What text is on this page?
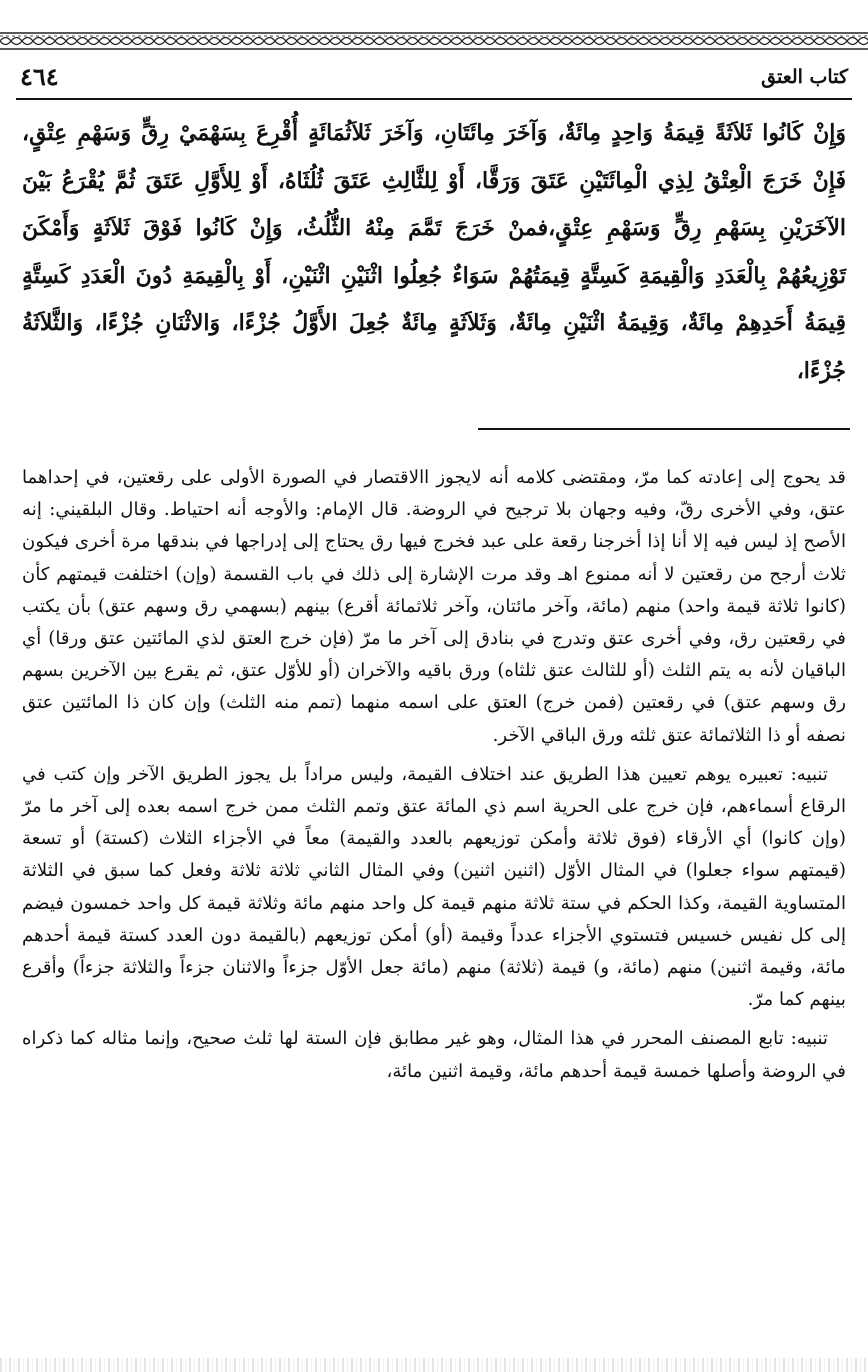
كتاب العتق
٤٦٤

وَإِنْ كَانُوا ثَلاَثَةً قِيمَةُ وَاحِدٍ مِائَةٌ، وَآخَرَ مِائَتَانِ، وَآخَرَ ثَلاَثُمَائَةٍ أُقْرِعَ بِسَهْمَيْ رِقٍّ وَسَهْمِ عِتْقٍ، فَإِنْ خَرَجَ الْعِتْقُ لِذِي الْمِائَتَيْنِ عَتَقَ وَرَقَّا، أَوْ لِلثَّالِثِ عَتَقَ ثُلُثَاهُ، أَوْ لِلأَوَّلِ عَتَقَ ثُمَّ يُقْرَعُ بَيْنَ الآخَرَيْنِ بِسَهْمِ رِقٍّ وَسَهْمِ عِتْقٍ،فمنْ خَرَجَ تَمَّمَ مِنْهُ الثُّلُثُ، وَإِنْ كَانُوا فَوْقَ ثَلاَثَةٍ وَأَمْكَنَ تَوْزِيعُهُمْ بِالْعَدَدِ وَالْقِيمَةِ كَسِتَّةٍ قِيمَتُهُمْ سَوَاءٌ جُعِلُوا اثْنَيْنِ اثْنَيْنِ، أَوْ بِالْقِيمَةِ دُونَ الْعَدَدِ كَسِتَّةٍ قِيمَةُ أَحَدِهِمْ مِائَةٌ، وَقِيمَةُ اثْنَيْنِ مِائَةٌ، وَثَلاَثَةٍ مِائَةٌ جُعِلَ الأَوَّلُ جُزْءًا، وَالاثْنَانِ جُزْءًا، وَالثَّلاَثَةُ جُزْءًا،

قد يحوج إلى إعادته كما مرّ، ومقتضى كلامه أنه لايجوز االاقتصار في الصورة الأولى على رقعتين، في إحداهما عتق، وفي الأخرى رقّ، وفيه وجهان بلا ترجيح في الروضة. قال الإمام: والأوجه أنه احتياط. وقال البلقيني: إنه الأصح إذ ليس فيه إلا أنا إذا أخرجنا رقعة على عبد فخرج فيها رق يحتاج إلى إدراجها في بندقها مرة أخرى فيكون ثلاث أرجح من رقعتين لا أنه ممنوع اهـ وقد مرت الإشارة إلى ذلك في باب القسمة (وإن) اختلفت قيمتهم كأن (كانوا ثلاثة قيمة واحد) منهم (مائة، وآخر مائتان، وآخر ثلاثمائة أقرع) بينهم (بسهمي رق وسهم عتق) بأن يكتب في رقعتين رق، وفي أخرى عتق وتدرج في بنادق إلى آخر ما مرّ (فإن خرج العتق لذي المائتين عتق ورقا) أي الباقيان لأنه به يتم الثلث (أو للثالث عتق ثلثاه) ورق باقيه والآخران (أو للأوّل عتق، ثم يقرع بين الآخرين بسهم رق وسهم عتق) في رقعتين (فمن خرج) العتق على اسمه منهما (تمم منه الثلث) وإن كان ذا المائتين عتق نصفه أو ذا الثلاثمائة عتق ثلثه ورق الباقي الآخر.

تنبيه: تعبيره يوهم تعيين هذا الطريق عند اختلاف القيمة، وليس مراداً بل يجوز الطريق الآخر وإن كتب في الرقاع أسماءهم، فإن خرج على الحرية اسم ذي المائة عتق وتمم الثلث ممن خرج اسمه بعده إلى آخر ما مرّ (وإن كانوا) أي الأرقاء (فوق ثلاثة وأمكن توزيعهم بالعدد والقيمة) معاً في الأجزاء الثلاث (كستة) أو تسعة (قيمتهم سواء جعلوا) في المثال الأوّل (اثنين اثنين) وفي المثال الثاني ثلاثة ثلاثة وفعل كما سبق في الثلاثة المتساوية القيمة، وكذا الحكم في ستة ثلاثة منهم قيمة كل واحد منهم مائة وثلاثة قيمة كل واحد خمسون فيضم إلى كل نفيس خسيس فتستوي الأجزاء عدداً وقيمة (أو) أمكن توزيعهم (بالقيمة دون العدد كستة قيمة أحدهم مائة، وقيمة اثنين) منهم (مائة، و) قيمة (ثلاثة) منهم (مائة جعل الأوّل جزءاً والاثنان جزءاً والثلاثة جزءاً) وأقرع بينهم كما مرّ.

تنبيه: تابع المصنف المحرر في هذا المثال، وهو غير مطابق فإن الستة لها ثلث صحيح، وإنما مثاله كما ذكراه في الروضة وأصلها خمسة قيمة أحدهم مائة، وقيمة اثنين مائة،
